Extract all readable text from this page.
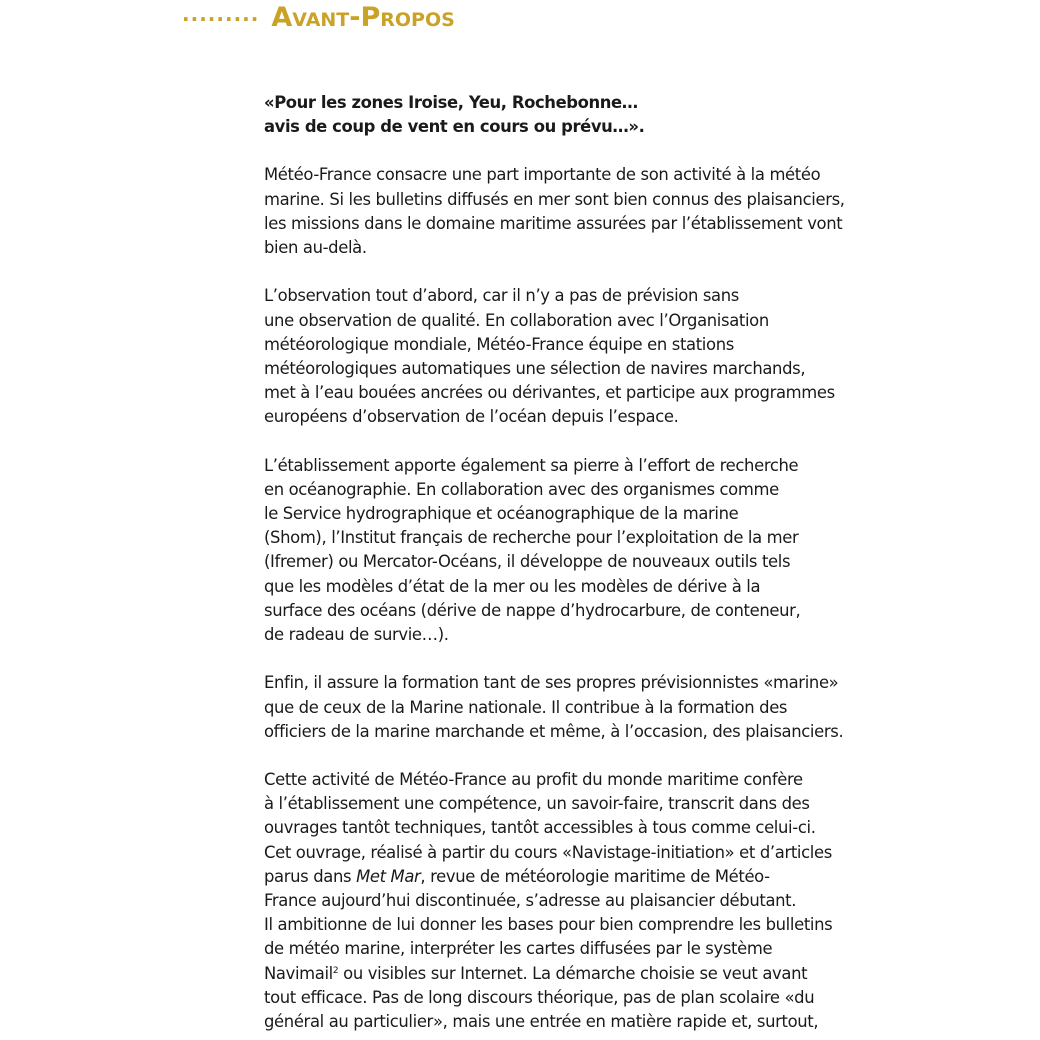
········· Avant-Propos
«Pour les zones Iroise, Yeu, Rochebonne…
avis de coup de vent en cours ou prévu…».
Météo-France consacre une part importante de son activité à la météo
marine. Si les bulletins diffusés en mer sont bien connus des plaisanciers,
les missions dans le domaine maritime assurées par l’établissement vont
bien au-delà.
L’observation tout d’abord, car il n’y a pas de prévision sans
une observation de qualité. En collaboration avec l’Organisation
météorologique mondiale, Météo-France équipe en stations
météorologiques automatiques une sélection de navires marchands,
met à l’eau bouées ancrées ou dérivantes, et participe aux programmes
européens d’observation de l’océan depuis l’espace.
L’établissement apporte également sa pierre à l’effort de recherche
en océanographie. En collaboration avec des organismes comme
le Service hydrographique et océanographique de la marine
(Shom), l’Institut français de recherche pour l’exploitation de la mer
(Ifremer) ou Mercator-Océans, il développe de nouveaux outils tels
que les modèles d’état de la mer ou les modèles de dérive à la
surface des océans (dérive de nappe d’hydrocarbure, de conteneur,
de radeau de survie…).
Enfin, il assure la formation tant de ses propres prévisionnistes «marine»
que de ceux de la Marine nationale. Il contribue à la formation des
officiers de la marine marchande et même, à l’occasion, des plaisanciers.
Cette activité de Météo-France au profit du monde maritime confère
à l’établissement une compétence, un savoir-faire, transcrit dans des
ouvrages tantôt techniques, tantôt accessibles à tous comme celui-ci.
Cet ouvrage, réalisé à partir du cours «Navistage-initiation» et d’articles
parus dans Met Mar, revue de météorologie maritime de Météo-
France aujourd’hui discontinuée, s’adresse au plaisancier débutant.
Il ambitionne de lui donner les bases pour bien comprendre les bulletins
de météo marine, interpréter les cartes diffusées par le système
Navimail$^2$ ou visibles sur Internet. La démarche choisie se veut avant
tout efficace. Pas de long discours théorique, pas de plan scolaire «du
général au particulier», mais une entrée en matière rapide et, surtout,
